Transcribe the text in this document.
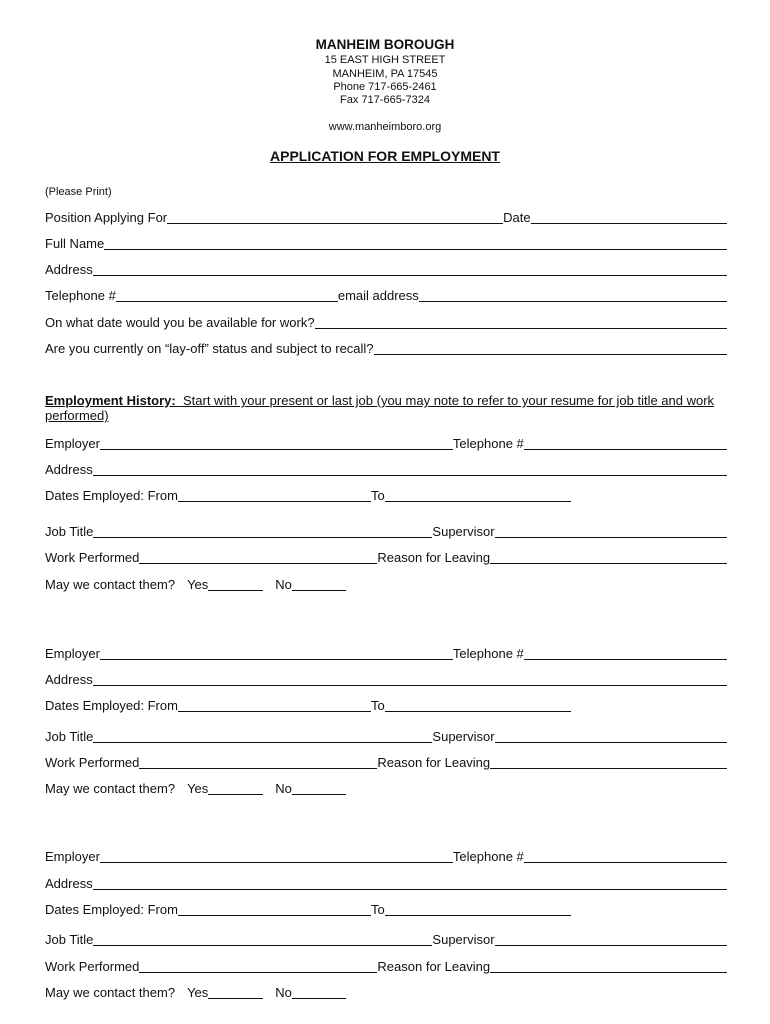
MANHEIM BOROUGH
15 EAST HIGH STREET
MANHEIM, PA 17545
Phone 717-665-2461
Fax 717-665-7324
www.manheimboro.org
APPLICATION FOR EMPLOYMENT
(Please Print)
Position Applying For	Date
Full Name
Address
Telephone #	email address
On what date would you be available for work?
Are you currently on “lay-off” status and subject to recall?
Employment History: Start with your present or last job (you may note to refer to your resume for job title and work performed)
Employer	Telephone #
Address
Dates Employed: From	To
Job Title	Supervisor
Work Performed	Reason for Leaving
May we contact them? Yes	No
Employer	Telephone #
Address
Dates Employed: From	To
Job Title	Supervisor
Work Performed	Reason for Leaving
May we contact them? Yes	No
Employer	Telephone #
Address
Dates Employed: From	To
Job Title	Supervisor
Work Performed	Reason for Leaving
May we contact them? Yes	No
